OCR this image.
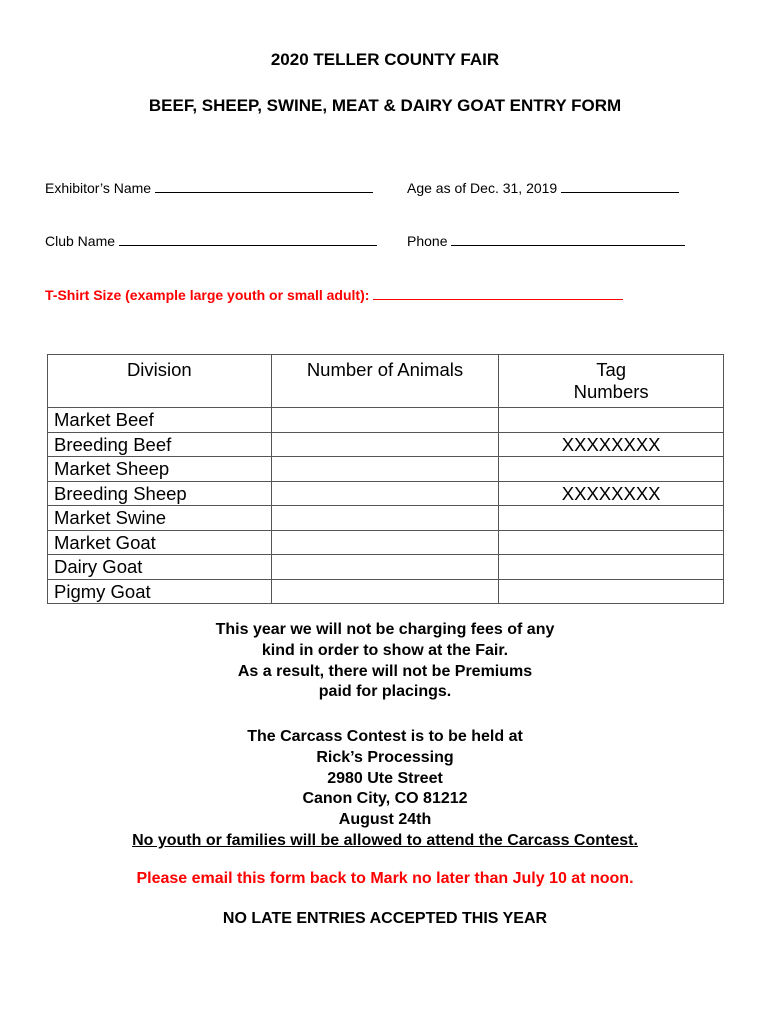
2020 TELLER COUNTY FAIR
BEEF, SHEEP, SWINE, MEAT & DAIRY GOAT ENTRY FORM
Exhibitor’s Name	Age as of Dec. 31, 2019
Club Name	Phone
T-Shirt Size (example large youth or small adult):
Division	Number of Animals	Tag
Numbers
Market Beef		
Breeding Beef		XXXXXXXX
Market Sheep		
Breeding Sheep		XXXXXXXX
Market Swine		
Market Goat		
Dairy Goat		
Pigmy Goat		
This year we will not be charging fees of any
kind in order to show at the Fair.
As a result, there will not be Premiums
paid for placings.
The Carcass Contest is to be held at
Rick’s Processing
2980 Ute Street
Canon City, CO 81212
August 24th
No youth or families will be allowed to attend the Carcass Contest.
Please email this form back to Mark no later than July 10 at noon.
NO LATE ENTRIES ACCEPTED THIS YEAR
